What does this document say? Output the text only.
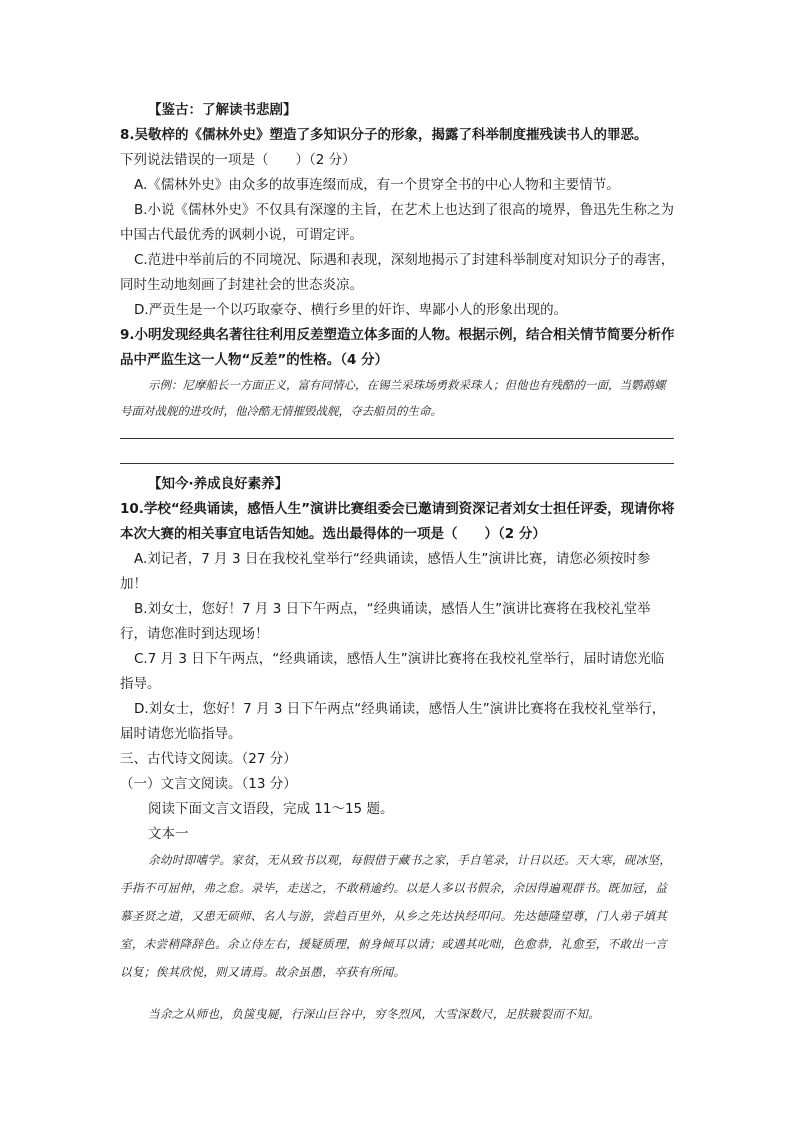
【鉴古：了解读书悲剧】
8.吴敬梓的《儒林外史》塑造了多知识分子的形象，揭露了科举制度摧残读书人的罪恶。
下列说法错误的一项是（　　）（2 分）
A.《儒林外史》由众多的故事连缀而成，有一个贯穿全书的中心人物和主要情节。
B.小说《儒林外史》不仅具有深邃的主旨，在艺术上也达到了很高的境界，鲁迅先生称之为中国古代最优秀的讽刺小说，可谓定评。
C.范进中举前后的不同境况、际遇和表现，深刻地揭示了封建科举制度对知识分子的毒害，同时生动地刻画了封建社会的世态炎凉。
D.严贡生是一个以巧取豪夺、横行乡里的奸诈、卑鄙小人的形象出现的。
9.小明发现经典名著往往利用反差塑造立体多面的人物。根据示例，结合相关情节简要分析作品中严监生这一人物“反差”的性格。（4 分）
示例：尼摩船长一方面正义，富有同情心，在锡兰采珠场勇救采珠人；但他也有残酷的一面，当鹦鹉螺号面对战舰的进攻时，他冷酷无情摧毁战舰，夺去船员的生命。
【知今·养成良好素养】
10.学校“经典诵读，感悟人生”演讲比赛组委会已邀请到资深记者刘女士担任评委，现请你将本次大赛的相关事宜电话告知她。选出最得体的一项是（　　）（2 分）
A.刘记者，7 月 3 日在我校礼堂举行“经典诵读，感悟人生”演讲比赛，请您必须按时参加！
B.刘女士，您好！7 月 3 日下午两点，“经典诵读，感悟人生”演讲比赛将在我校礼堂举行，请您准时到达现场！
C.7 月 3 日下午两点，“经典诵读，感悟人生”演讲比赛将在我校礼堂举行，届时请您光临指导。
D.刘女士，您好！7 月 3 日下午两点“经典诵读，感悟人生”演讲比赛将在我校礼堂举行，届时请您光临指导。
三、古代诗文阅读。（27 分）
（一）文言文阅读。（13 分）
阅读下面文言文语段，完成 11～15 题。
文本一
余幼时即嗜学。家贫，无从致书以观，每假借于藏书之家，手自笔录，计日以还。天大寒，砚冰坚，手指不可屈伸，弗之怠。录毕，走送之，不敢稍逾约。以是人多以书假余，余因得遍观群书。既加冠，益慕圣贤之道，又患无硕师、名人与游，尝趋百里外，从乡之先达执经叩问。先达德隆望尊，门人弟子填其室，未尝稍降辞色。余立侍左右，援疑质理，俯身倾耳以请；或遇其叱咄，色愈恭，礼愈至，不敢出一言以复；俟其欣悦，则又请焉。故余虽愚，卒获有所闻。
当余之从师也，负箧曳屣，行深山巨谷中，穷冬烈风，大雪深数尺，足肤皲裂而不知。
